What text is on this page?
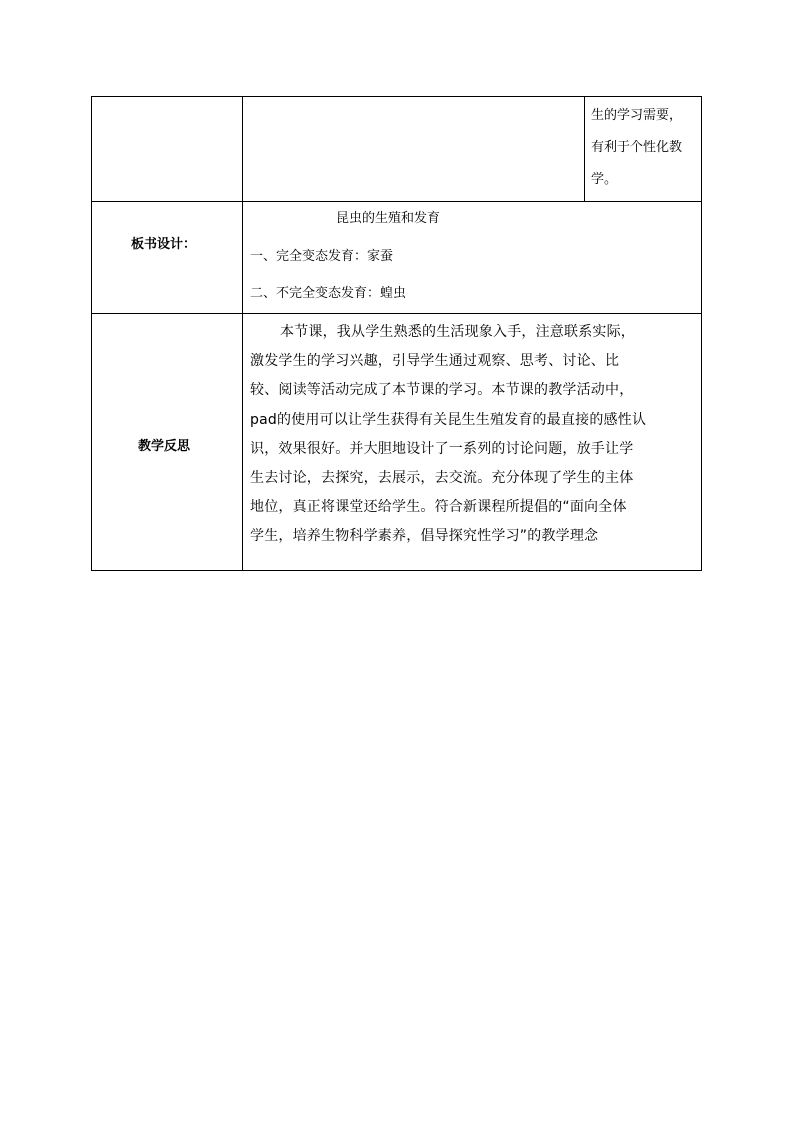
生的学习需要，
有利于个性化教
学。
板书设计：
昆虫的生殖和发育
一、完全变态发育：家蚕
二、不完全变态发育：蝗虫
教学反思

本节课，我从学生熟悉的生活现象入手，注意联系实际，

激发学生的学习兴趣，引导学生通过观察、思考、讨论、比

较、阅读等活动完成了本节课的学习。本节课的教学活动中，

pad的使用可以让学生获得有关昆生生殖发育的最直接的感性认

识，效果很好。并大胆地设计了一系列的讨论问题，放手让学

生去讨论，去探究，去展示，去交流。充分体现了学生的主体

地位，真正将课堂还给学生。符合新课程所提倡的“面向全体

学生，培养生物科学素养，倡导探究性学习”的教学理念
